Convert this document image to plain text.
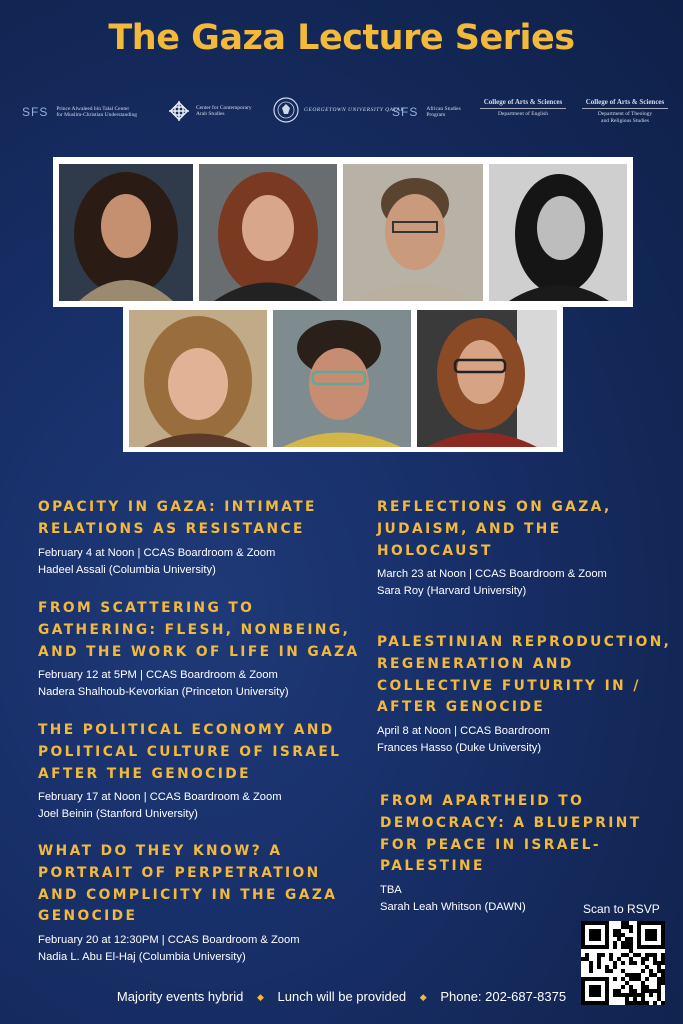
The Gaza Lecture Series
SFS Prince Alwaleed bin Talal Center
for Muslim-Christian Understanding
Center for Contemporary
Arab Studies
GEORGETOWN UNIVERSITY QATAR
SFS African Studies
Program
College of Arts & Sciences
Department of English
College of Arts & Sciences
Department of Theology
and Religious Studies
OPACITY IN GAZA: INTIMATE
RELATIONS AS RESISTANCE
February 4 at Noon | CCAS Boardroom & Zoom
Hadeel Assali (Columbia University)
FROM SCATTERING TO
GATHERING: FLESH, NONBEING,
AND THE WORK OF LIFE IN GAZA
February 12 at 5PM | CCAS Boardroom & Zoom
Nadera Shalhoub-Kevorkian (Princeton University)
THE POLITICAL ECONOMY AND
POLITICAL CULTURE OF ISRAEL
AFTER THE GENOCIDE
February 17 at Noon | CCAS Boardroom & Zoom
Joel Beinin (Stanford University)
WHAT DO THEY KNOW? A
PORTRAIT OF PERPETRATION
AND COMPLICITY IN THE GAZA
GENOCIDE
February 20 at 12:30PM | CCAS Boardroom & Zoom
Nadia L. Abu El-Haj (Columbia University)
REFLECTIONS ON GAZA,
JUDAISM, AND THE
HOLOCAUST
March 23 at Noon | CCAS Boardroom & Zoom
Sara Roy (Harvard University)
PALESTINIAN REPRODUCTION,
REGENERATION AND
COLLECTIVE FUTURITY IN /
AFTER GENOCIDE
April 8 at Noon | CCAS Boardroom
Frances Hasso (Duke University)
FROM APARTHEID TO
DEMOCRACY: A BLUEPRINT
FOR PEACE IN ISRAEL-
PALESTINE
TBA
Sarah Leah Whitson (DAWN)	Scan to RSVP
Majority events hybrid ◆ Lunch will be provided ◆ Phone: 202-687-8375
